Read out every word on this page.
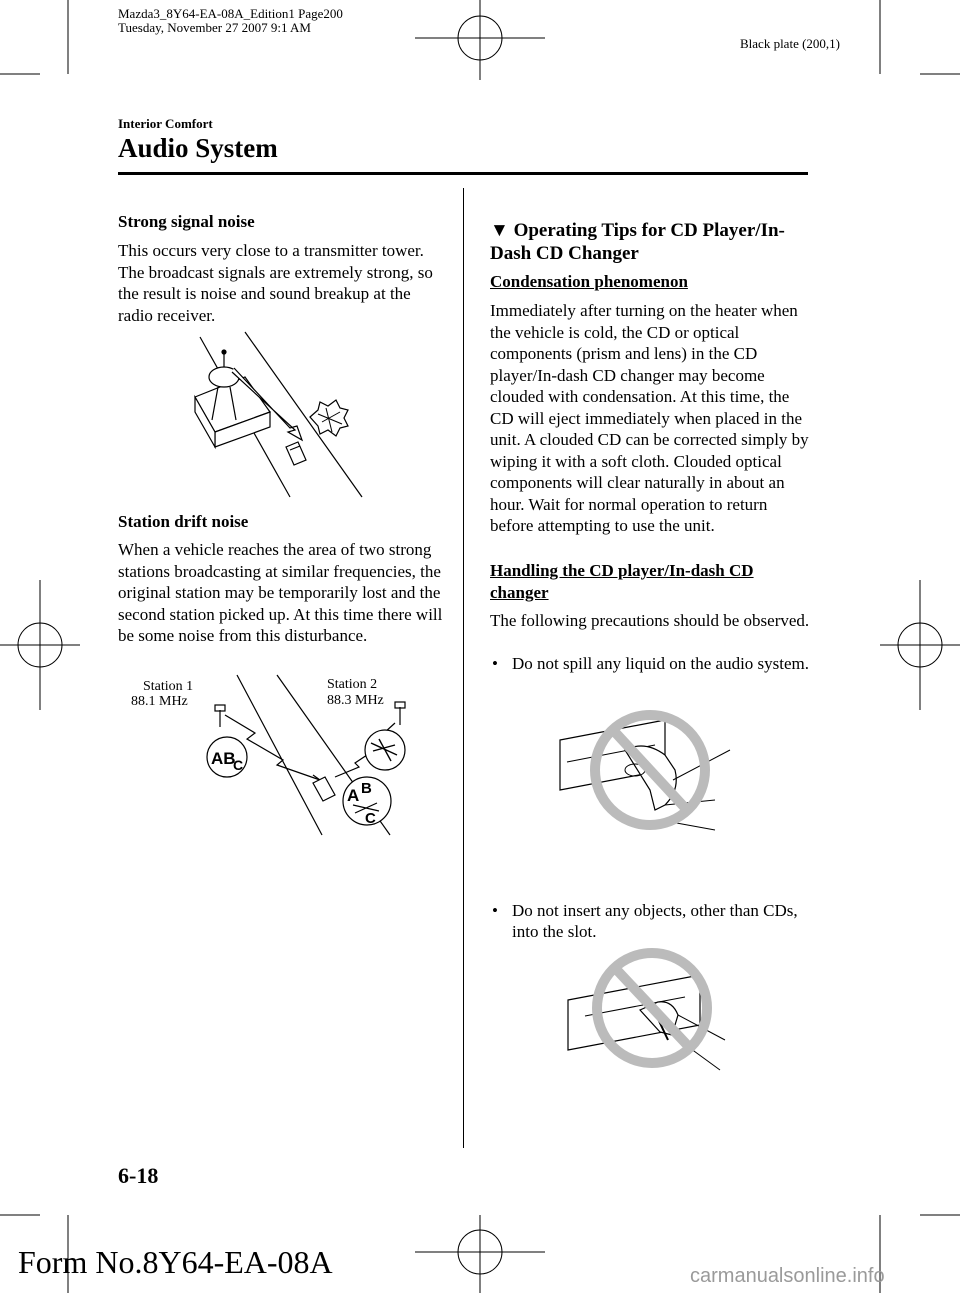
Mazda3_8Y64-EA-08A_Edition1 Page200
Tuesday, November 27 2007 9:1 AM
Black plate (200,1)
Interior Comfort
Audio System
Strong signal noise
This occurs very close to a transmitter tower. The broadcast signals are extremely strong, so the result is noise and sound breakup at the radio receiver.
Station drift noise
When a vehicle reaches the area of two strong stations broadcasting at similar frequencies, the original station may be temporarily lost and the second station picked up. At this time there will be some noise from this disturbance.
Station 1
88.1 MHz
Station 2
88.3 MHz
AB
C
A B
C
▼ Operating Tips for CD Player/In-Dash CD Changer
Condensation phenomenon
Immediately after turning on the heater when the vehicle is cold, the CD or optical components (prism and lens) in the CD player/In-dash CD changer may become clouded with condensation. At this time, the CD will eject immediately when placed in the unit. A clouded CD can be corrected simply by wiping it with a soft cloth. Clouded optical components will clear naturally in about an hour. Wait for normal operation to return before attempting to use the unit.
Handling the CD player/In-dash CD changer
The following precautions should be observed.
• Do not spill any liquid on the audio system.
• Do not insert any objects, other than CDs, into the slot.
6-18
Form No.8Y64-EA-08A	carmanualsonline.info
